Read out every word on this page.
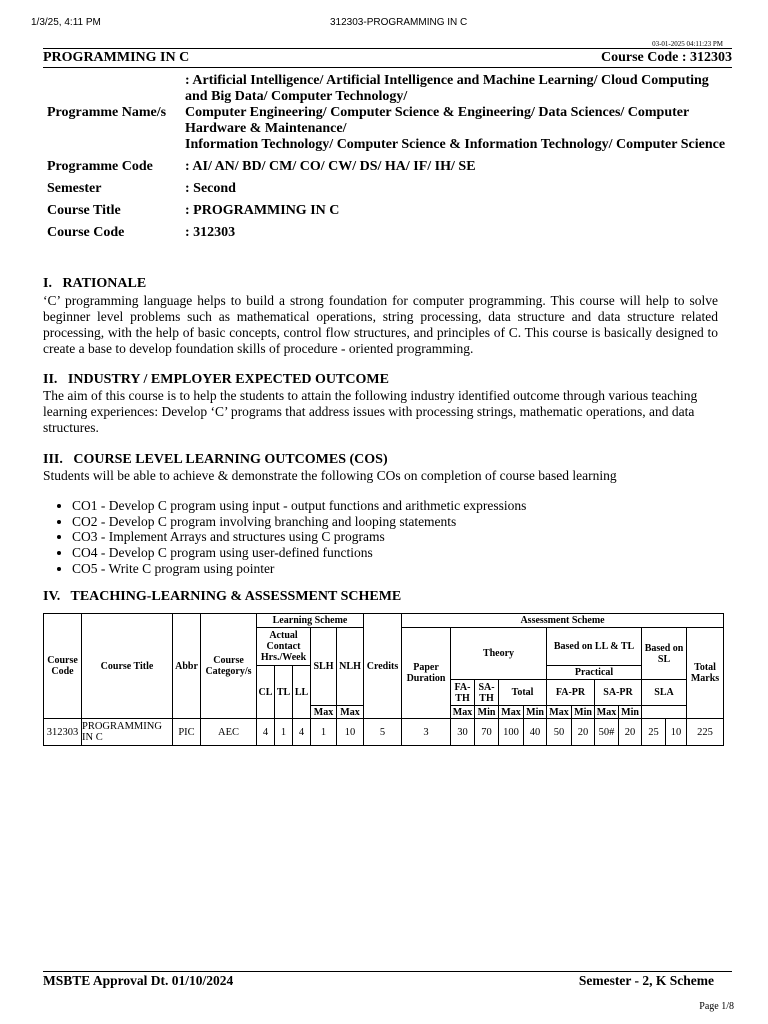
1/3/25, 4:11 PM	312303-PROGRAMMING IN C
03-01-2025 04:11:23 PM
PROGRAMMING IN C	Course Code : 312303
Programme Name/s	: Artificial Intelligence/ Artificial Intelligence and Machine Learning/ Cloud Computing and Big Data/ Computer Technology/
Computer Engineering/ Computer Science & Engineering/ Data Sciences/ Computer Hardware & Maintenance/
Information Technology/ Computer Science & Information Technology/ Computer Science

Programme Code	: AI/ AN/ BD/ CM/ CO/ CW/ DS/ HA/ IF/ IH/ SE
Semester	: Second
Course Title	: PROGRAMMING IN C
Course Code	: 312303
I.   RATIONALE
‘C’ programming language helps to build a strong foundation for computer programming. This course will help to solve beginner level problems such as mathematical operations, string processing, data structure and data structure related processing, with the help of basic concepts, control flow structures, and principles of C. This course is basically designed to create a base to develop foundation skills of procedure - oriented programming.
II.   INDUSTRY / EMPLOYER EXPECTED OUTCOME
The aim of this course is to help the students to attain the following industry identified outcome through various teaching learning experiences: Develop ‘C’ programs that address issues with processing strings, mathematic operations, and data structures.
III.   COURSE LEVEL LEARNING OUTCOMES (COS)
Students will be able to achieve & demonstrate the following COs on completion of course based learning
• CO1 - Develop C program using input - output functions and arithmetic expressions
• CO2 - Develop C program involving branching and looping statements
• CO3 - Implement Arrays and structures using C programs
• CO4 - Develop C program using user-defined functions
• CO5 - Write C program using pointer
IV.   TEACHING-LEARNING & ASSESSMENT SCHEME
Course Code	Course Title	Abbr	Course Category/s	Learning Scheme					Credits	Assessment Scheme											
				Actual Contact Hrs./Week			SLH	NLH		Paper Duration	Theory				Based on LL & TL				Based on SL		Total Marks
				CL	TL	LL									Practical						
											FA-TH	SA-TH	Total		FA-PR		SA-PR		SLA		
							Max	Max			Max	Min	Max	Min	Max	Min	Max	Min			
312303	PROGRAMMING IN C	PIC	AEC	4	1	4	1	10	5	3	30	70	100	40	50	20	50#	20	25	10	225
MSBTE Approval Dt. 01/10/2024	Semester - 2, K Scheme
Page 1/8
